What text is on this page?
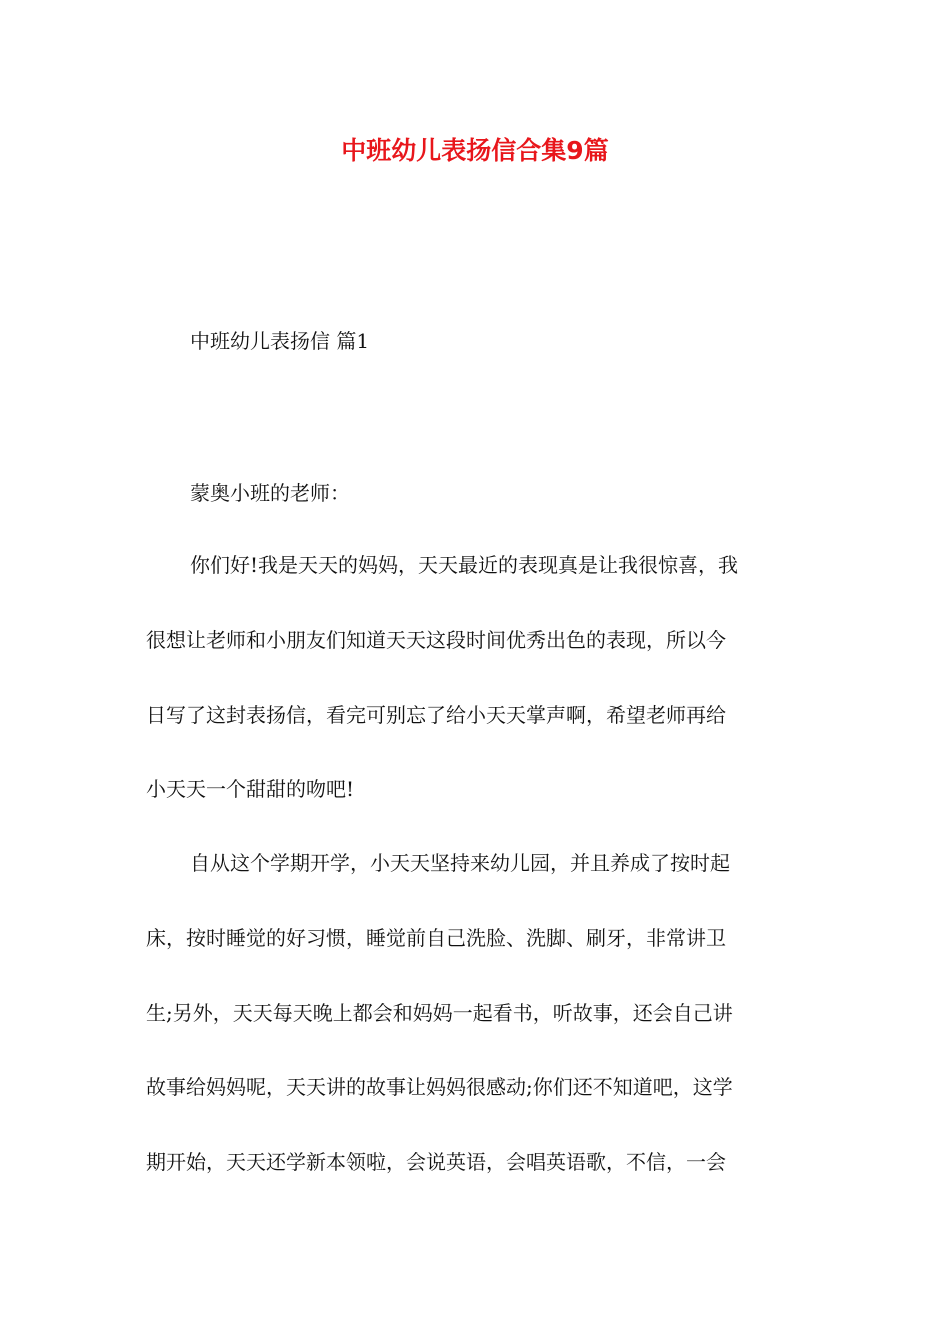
中班幼儿表扬信合集9篇
中班幼儿表扬信 篇1
蒙奥小班的老师：
你们好!我是天天的妈妈，天天最近的表现真是让我很惊喜，我
很想让老师和小朋友们知道天天这段时间优秀出色的表现，所以今
日写了这封表扬信，看完可别忘了给小天天掌声啊，希望老师再给
小天天一个甜甜的吻吧!
自从这个学期开学，小天天坚持来幼儿园，并且养成了按时起
床，按时睡觉的好习惯，睡觉前自己洗脸、洗脚、刷牙，非常讲卫
生;另外，天天每天晚上都会和妈妈一起看书，听故事，还会自己讲
故事给妈妈呢，天天讲的故事让妈妈很感动;你们还不知道吧，这学
期开始，天天还学新本领啦，会说英语，会唱英语歌，不信，一会
